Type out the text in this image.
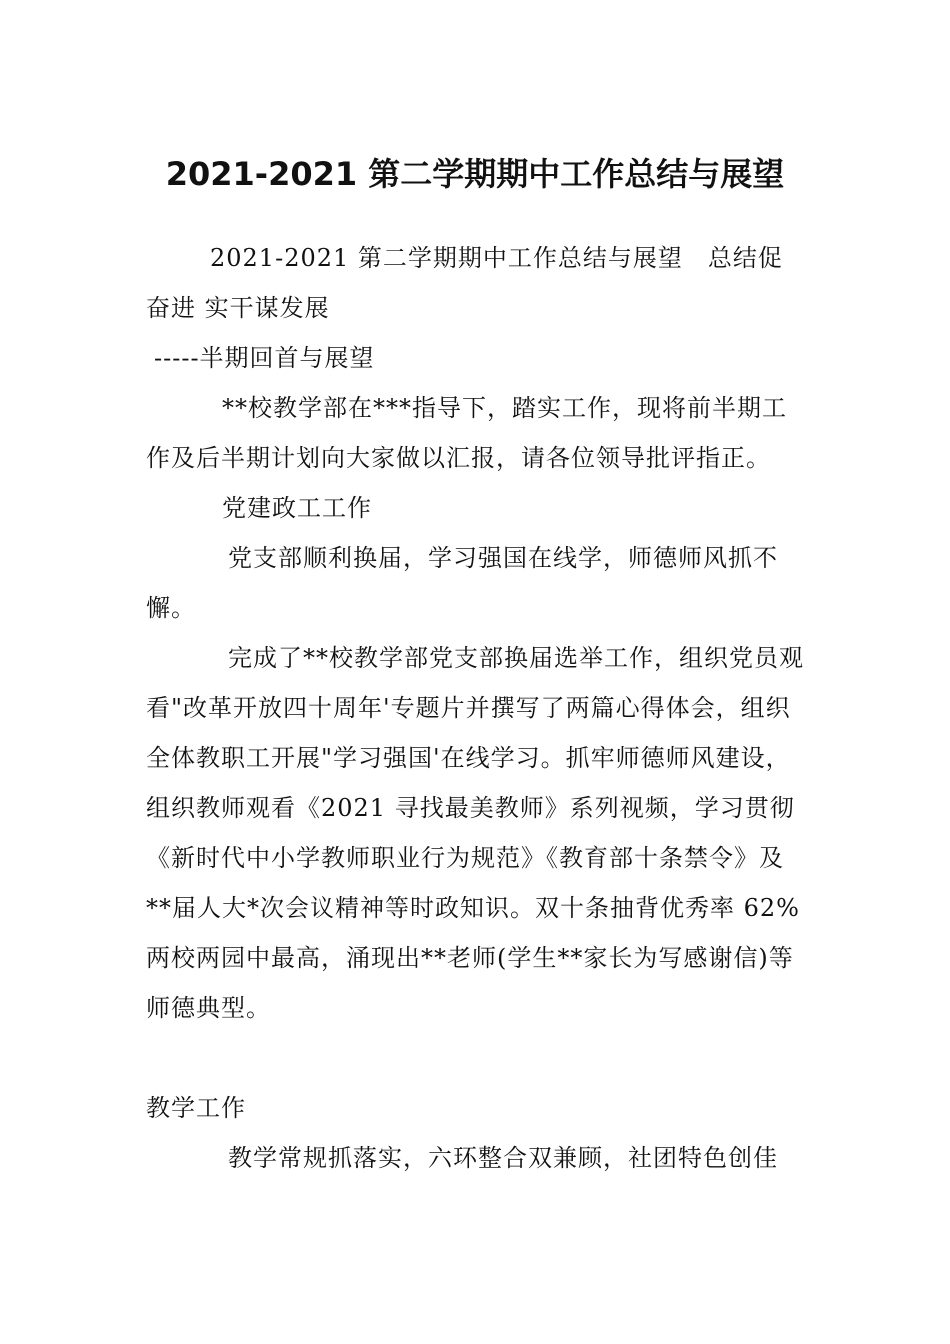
2021-2021 第二学期期中工作总结与展望

2021-2021 第二学期期中工作总结与展望　总结促奋进 实干谋发展

-----半期回首与展望

**校教学部在***指导下，踏实工作，现将前半期工作及后半期计划向大家做以汇报，请各位领导批评指正。

党建政工工作

党支部顺利换届，学习强国在线学，师德师风抓不懈。

完成了**校教学部党支部换届选举工作，组织党员观看"改革开放四十周年'专题片并撰写了两篇心得体会，组织全体教职工开展"学习强国'在线学习。抓牢师德师风建设，组织教师观看《2021 寻找最美教师》系列视频，学习贯彻《新时代中小学教师职业行为规范》《教育部十条禁令》及**届人大*次会议精神等时政知识。双十条抽背优秀率 62%两校两园中最高，涌现出**老师(学生**家长为写感谢信)等师德典型。

教学工作

教学常规抓落实，六环整合双兼顾，社团特色创佳
